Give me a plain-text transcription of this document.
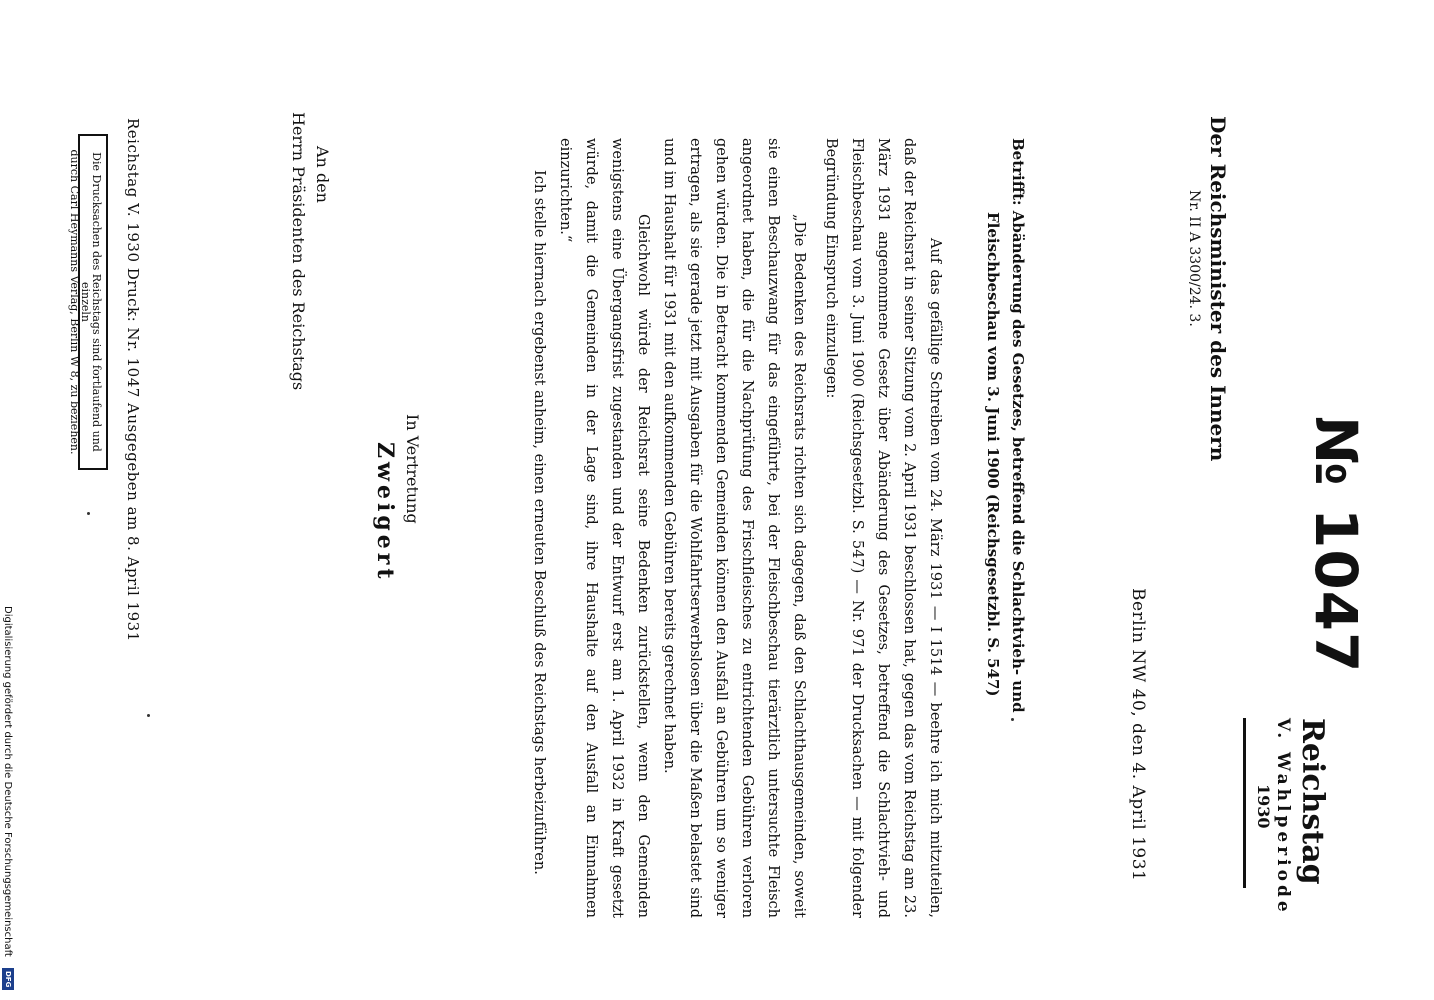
№ 1047
Reichstag
V. Wahlperiode
1930
Der Reichsminister des Innern
Nr. II A 3300/24. 3.
Berlin NW 40, den 4. April 1931
Betrifft: Abänderung des Gesetzes, betreffend die Schlachtvieh- und
Fleischbeschau vom 3. Juni 1900 (Reichsgesetzbl. S. 547)

Auf das gefällige Schreiben vom 24. März 1931 — I 1514 — beehre ich mich mitzuteilen, daß der Reichsrat in seiner Sitzung vom 2. April 1931 beschlossen hat, gegen das vom Reichstag am 23. März 1931 angenommene Gesetz über Abänderung des Gesetzes, betreffend die Schlachtvieh- und Fleischbeschau vom 3. Juni 1900 (Reichsgesetzbl. S. 547) — Nr. 971 der Drucksachen — mit folgender Begründung Einspruch einzulegen:

„Die Bedenken des Reichsrats richten sich dagegen, daß den Schlachthausgemeinden, soweit sie einen Beschauzwang für das eingeführte, bei der Fleischbeschau tierärztlich untersuchte Fleisch angeordnet haben, die für die Nachprüfung des Frischfleisches zu entrichtenden Gebühren verloren gehen würden. Die in Betracht kommenden Gemeinden können den Ausfall an Gebühren um so weniger ertragen, als sie gerade jetzt mit Ausgaben für die Wohlfahrtserwerbslosen über die Maßen belastet sind und im Haushalt für 1931 mit den aufkommenden Gebühren bereits gerechnet haben.

Gleichwohl würde der Reichsrat seine Bedenken zurückstellen, wenn den Gemeinden wenigstens eine Übergangsfrist zugestanden und der Entwurf erst am 1. April 1932 in Kraft gesetzt würde, damit die Gemeinden in der Lage sind, ihre Haushalte auf den Ausfall an Einnahmen einzurichten.“

Ich stelle hiernach ergebenst anheim, einen erneuten Beschluß des Reichstags herbeizuführen.

In Vertretung
Zweigert
An den
Herrn Präsidenten des Reichstags
Reichstag V. 1930 Druck: Nr. 1047 Ausgegeben am 8. April 1931
Die Drucksachen des Reichstags sind fortlaufend und einzeln
durch Carl Heymanns Verlag, Berlin W 8, zu beziehen.
Digitalisierung gefördert durch die Deutsche Forschungsgemeinschaft
DFG
